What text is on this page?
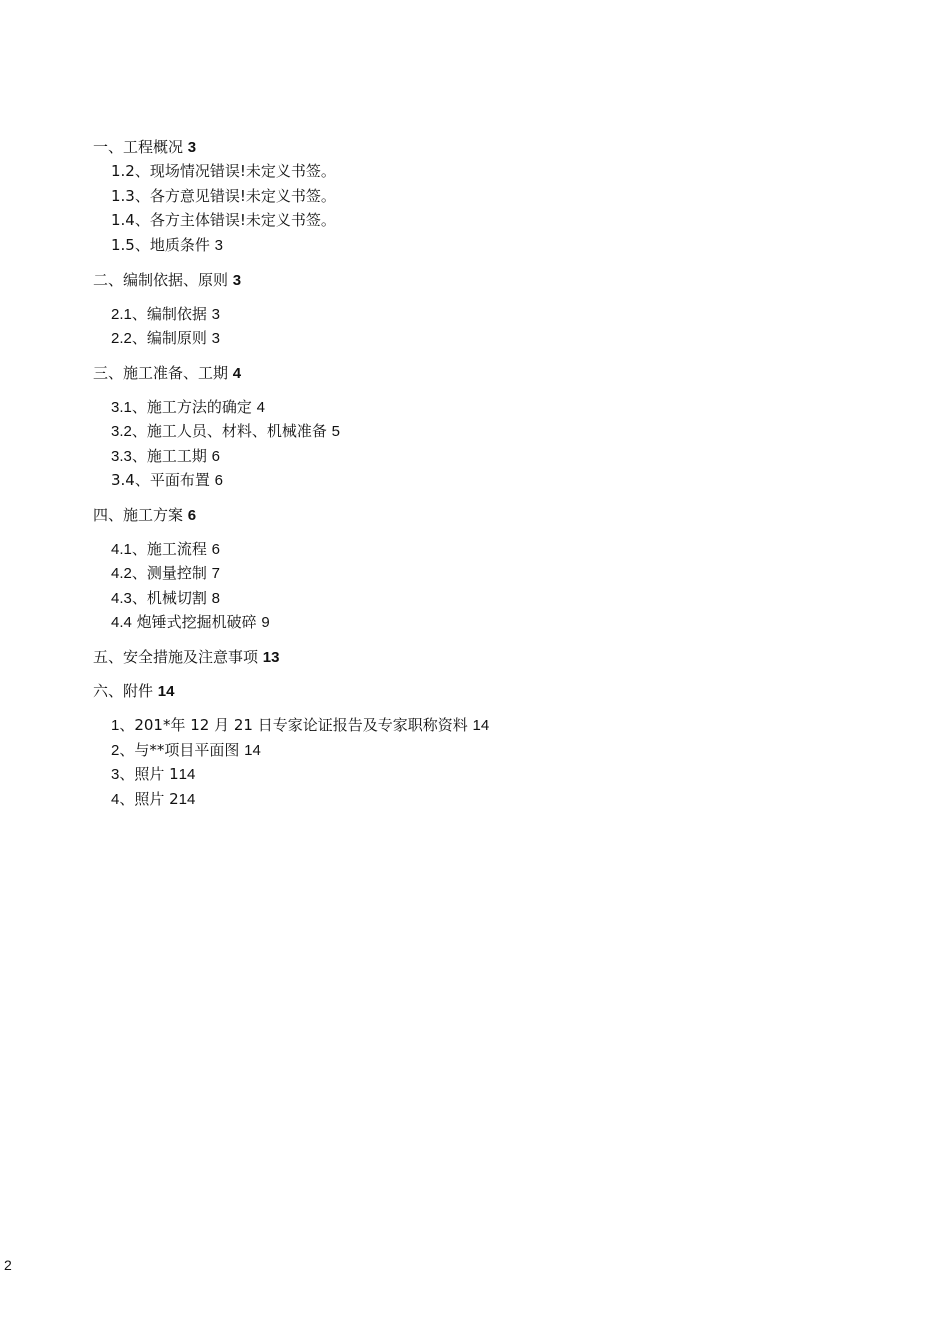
一、工程概况 3
1.2、现场情况错误!未定义书签。
1.3、各方意见错误!未定义书签。
1.4、各方主体错误!未定义书签。
1.5、地质条件 3
二、编制依据、原则 3
2.1、编制依据 3
2.2、编制原则 3
三、施工准备、工期 4
3.1、施工方法的确定 4
3.2、施工人员、材料、机械准备 5
3.3、施工工期 6
3.4、平面布置 6
四、施工方案 6
4.1、施工流程 6
4.2、测量控制 7
4.3、机械切割 8
4.4 炮锤式挖掘机破碎 9
五、安全措施及注意事项 13
六、附件 14
1、201*年 12 月 21 日专家论证报告及专家职称资料 14
2、与**项目平面图 14
3、照片 114
4、照片 214
2
